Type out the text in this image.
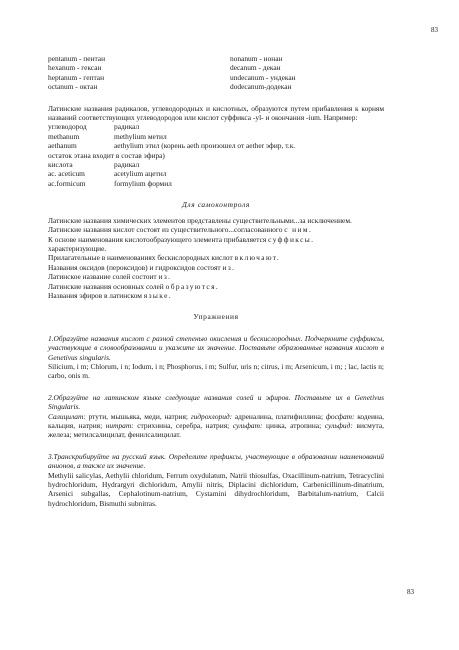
83
pentanum - пентан	nonanum - нонан
hexanum - гексан	decanum - декан
heptanum - гептан	undecanum - ундекан
octanum - октан	dodecanum-додекан

Латинские названия радикалов, углеводородных и кислотных, образуются путем прибавления к корням названий соответствующих углеводородов или кислот суффикса -yl- и окончания -ium. Например:

углеводород	радикал
methanum	methylium метил
aethanum	aethylium этил (корень aeth произошел от aether эфир, т.к.
остаток этана входит в состав эфира)
кислота	радикал
ac. aceticum	acetylium ацетил
ac.formicum	formylium формил
Для самоконтроля

Латинские названия химических элементов представлены существительными...за исключением.

Латинские названия кислот состоят из существительного...согласованного с ним.

К основе наименования кислотообразующего элемента прибавляется суффиксы.

характеризующие.

Прилагательные в наименованиях бескислородных кислот включают.

Названия оксидов (пероксидов) и гидроксидов состоят из.

Латинское название солей состоит из.

Латинские названия основных солей образуются.

Названия эфиров в латинском языке.

Упражнения

1.Образуйте названия кислот с разной степенью окисления и бескислородных. Подчеркните суффиксы, участвующие в словообразовании и укажите их значение. Поставьте образованные названия кислот в Genetivus singularis.

Silicium, i m; Chlorum, i n; Iodum, i n; Phosphorus, i m; Sulfur, uris n; citrus, i m; Arsenicum, i m; ; lac, lactis n; carbo, onis m.

2.Образуйте на латинском языке следующие названия солей и эфиров. Поставьте их в Genetivus Singularis.

Салицилат: ртути, мышьяка, меди, натрия; гидрохлорид: адреналина, платифиллина; фосфат: кодеина, кальция, натрия; нитрат: стрихнина, серебра, натрия; сульфат: цинка, атропина; сульфид: висмута, железа; метилсалицилат, фенилсалицилат.

3.Транскрибируйте на русский язык. Определите префиксы, участвующие в образовании наименований анионов, а также их значение.

Methylii salicylas, Aethylii chloridum, Ferrum oxydulatum, Natrii thiosulfas, Oxacillinum-natrium, Tetracyclini hydrochloridum, Hydrargyri dichloridum, Amylii nitris, Diplacini dichloridum, Carbenicillinum-dinatrium, Arsenici subgallas, Cephalotinum-natrium, Cystamini dihydrochloridum, Barbitalum-natrium, Calcii hydrochloridum, Bismuthi subnitras.

83
